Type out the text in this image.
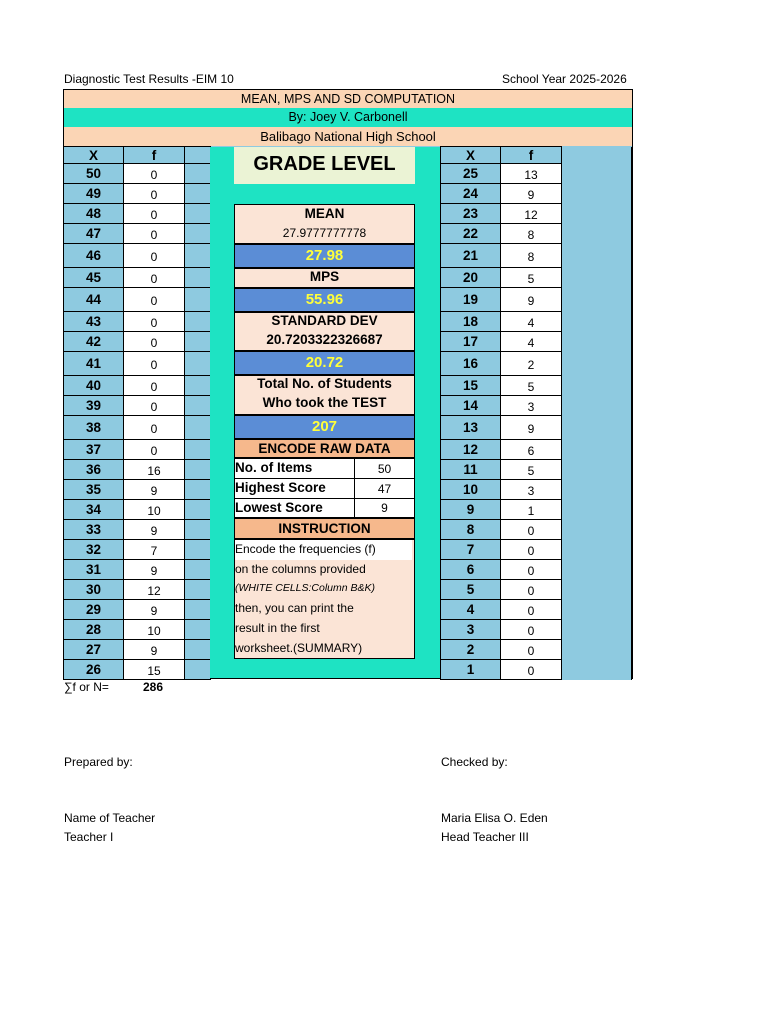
Diagnostic Test Results -EIM 10	School Year 2025-2026
MEAN, MPS AND SD COMPUTATION
By: Joey V. Carbonell
Balibago National High School
X	f	
50	0	
49	0	
48	0	
47	0	
46	0	
45	0	
44	0	
43	0	
42	0	
41	0	
40	0	
39	0	
38	0	
37	0	
36	16	
35	9	
34	10	
33	9	
32	7	
31	9	
30	12	
29	9	
28	10	
27	9	
26	15	
GRADE LEVEL
MEAN
27.9777777778
27.98
MPS
55.96
STANDARD DEV
20.7203322326687
20.72
Total No. of Students
Who took the TEST
207
ENCODE RAW DATA
No. of Items	50
Highest Score	47
Lowest Score	9
INSTRUCTION
Encode the frequencies (f)
on the columns provided
(WHITE CELLS:Column B&K)
then, you can print the
result in the first
worksheet.(SUMMARY)
X	f	
25	13	
24	9	
23	12	
22	8	
21	8	
20	5	
19	9	
18	4	
17	4	
16	2	
15	5	
14	3	
13	9	
12	6	
11	5	
10	3	
9	1	
8	0	
7	0	
6	0	
5	0	
4	0	
3	0	
2	0	
1	0	
∑f or N=	286
Prepared by:	Checked by:
Name of Teacher
Teacher I
Maria Elisa O. Eden
Head Teacher III
